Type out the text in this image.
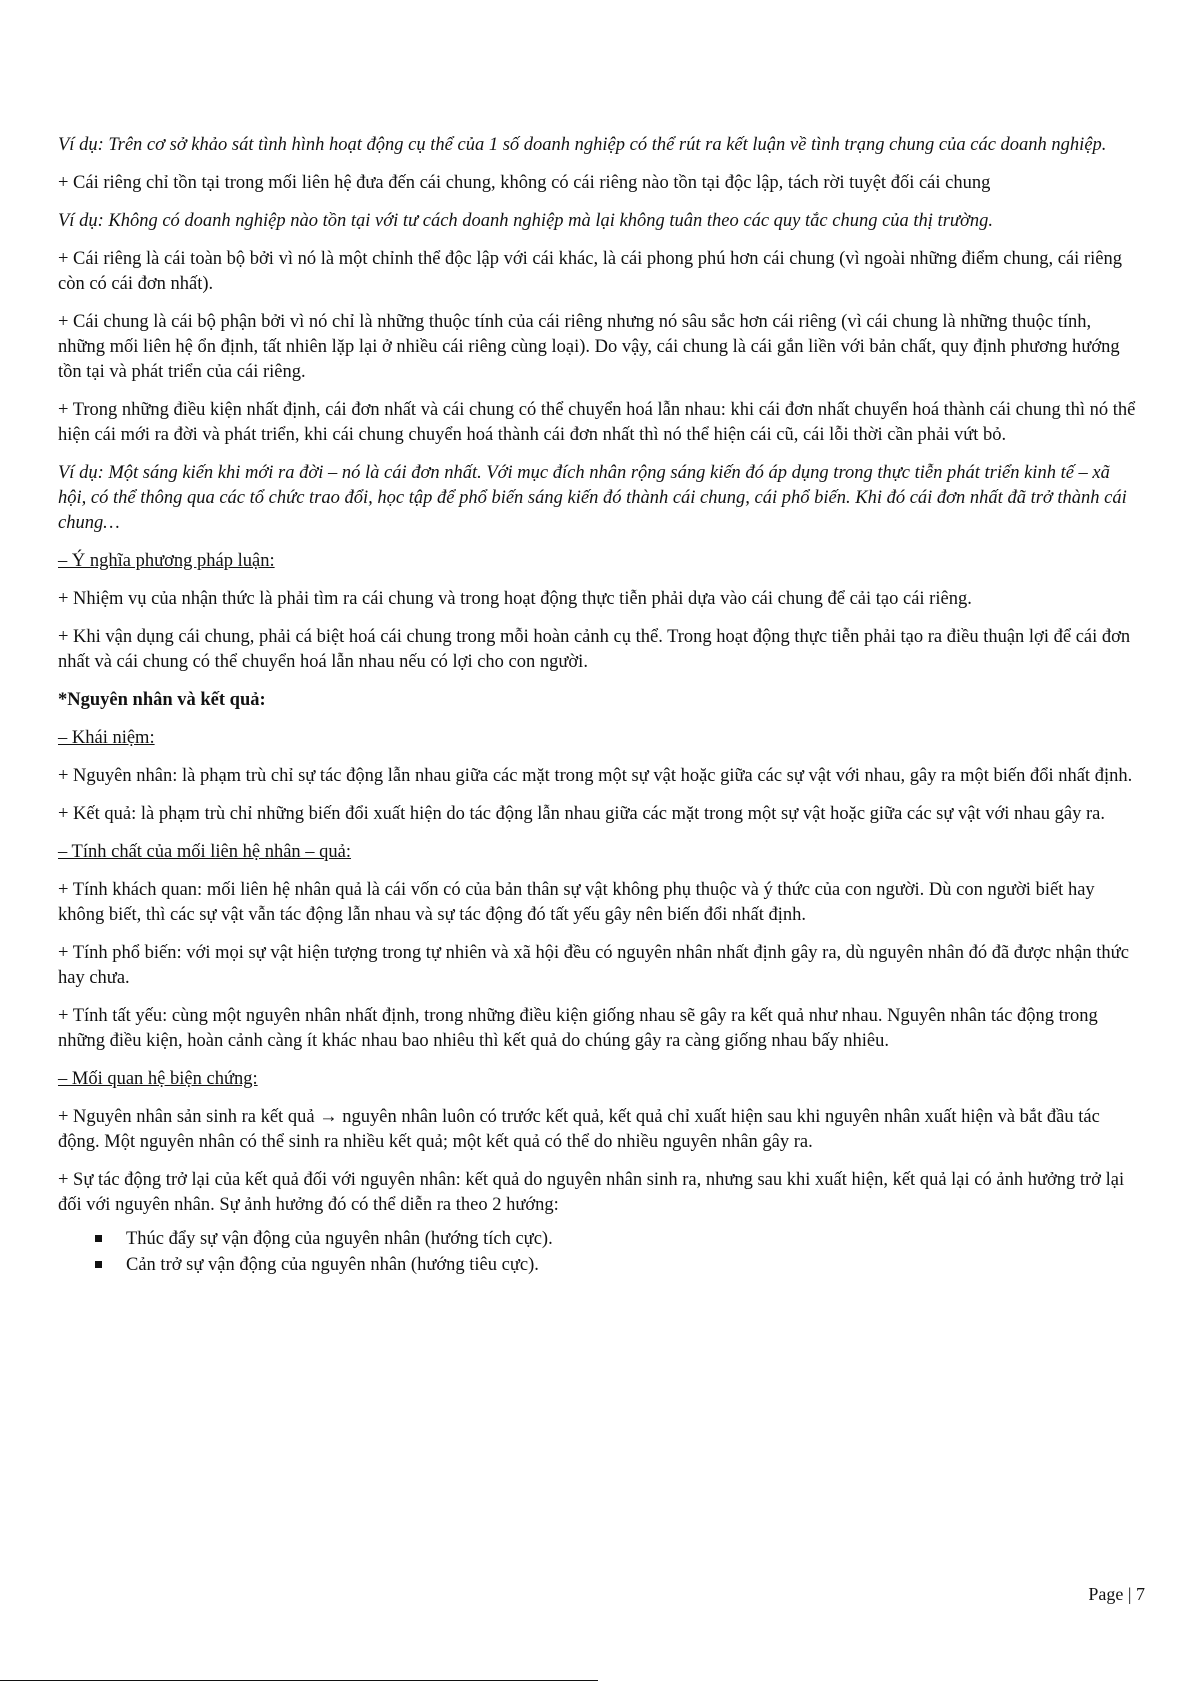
Ví dụ: Trên cơ sở khảo sát tình hình hoạt động cụ thể của 1 số doanh nghiệp có thể rút ra kết luận về tình trạng chung của các doanh nghiệp.

+ Cái riêng chỉ tồn tại trong mối liên hệ đưa đến cái chung, không có cái riêng nào tồn tại độc lập, tách rời tuyệt đối cái chung

Ví dụ: Không có doanh nghiệp nào tồn tại với tư cách doanh nghiệp mà lại không tuân theo các quy tắc chung của thị trường.

+ Cái riêng là cái toàn bộ bởi vì nó là một chỉnh thể độc lập với cái khác, là cái phong phú hơn cái chung (vì ngoài những điểm chung, cái riêng còn có cái đơn nhất).

+ Cái chung là cái bộ phận bởi vì nó chỉ là những thuộc tính của cái riêng nhưng nó sâu sắc hơn cái riêng (vì cái chung là những thuộc tính, những mối liên hệ ổn định, tất nhiên lặp lại ở nhiều cái riêng cùng loại). Do vậy, cái chung là cái gắn liền với bản chất, quy định phương hướng tồn tại và phát triển của cái riêng.

+ Trong những điều kiện nhất định, cái đơn nhất và cái chung có thể chuyển hoá lẫn nhau: khi cái đơn nhất chuyển hoá thành cái chung thì nó thể hiện cái mới ra đời và phát triển, khi cái chung chuyển hoá thành cái đơn nhất thì nó thể hiện cái cũ, cái lỗi thời cần phải vứt bỏ.

Ví dụ: Một sáng kiến khi mới ra đời – nó là cái đơn nhất. Với mục đích nhân rộng sáng kiến đó áp dụng trong thực tiễn phát triển kinh tế – xã hội, có thể thông qua các tổ chức trao đổi, học tập để phổ biến sáng kiến đó thành cái chung, cái phổ biến. Khi đó cái đơn nhất đã trở thành cái chung…

– Ý nghĩa phương pháp luận:

+ Nhiệm vụ của nhận thức là phải tìm ra cái chung và trong hoạt động thực tiễn phải dựa vào cái chung để cải tạo cái riêng.

+ Khi vận dụng cái chung, phải cá biệt hoá cái chung trong mỗi hoàn cảnh cụ thể. Trong hoạt động thực tiễn phải tạo ra điều thuận lợi để cái đơn nhất và cái chung có thể chuyển hoá lẫn nhau nếu có lợi cho con người.

*Nguyên nhân và kết quả:

– Khái niệm:

+ Nguyên nhân: là phạm trù chỉ sự tác động lẫn nhau giữa các mặt trong một sự vật hoặc giữa các sự vật với nhau, gây ra một biến đổi nhất định.

+ Kết quả: là phạm trù chỉ những biến đổi xuất hiện do tác động lẫn nhau giữa các mặt trong một sự vật hoặc giữa các sự vật với nhau gây ra.

– Tính chất của mối liên hệ nhân – quả:

+ Tính khách quan: mối liên hệ nhân quả là cái vốn có của bản thân sự vật không phụ thuộc và ý thức của con người. Dù con người biết hay không biết, thì các sự vật vẫn tác động lẫn nhau và sự tác động đó tất yếu gây nên biến đổi nhất định.

+ Tính phổ biến: với mọi sự vật hiện tượng trong tự nhiên và xã hội đều có nguyên nhân nhất định gây ra, dù nguyên nhân đó đã được nhận thức hay chưa.

+ Tính tất yếu: cùng một nguyên nhân nhất định, trong những điều kiện giống nhau sẽ gây ra kết quả như nhau. Nguyên nhân tác động trong những điều kiện, hoàn cảnh càng ít khác nhau bao nhiêu thì kết quả do chúng gây ra càng giống nhau bấy nhiêu.

– Mối quan hệ biện chứng:

+ Nguyên nhân sản sinh ra kết quả → nguyên nhân luôn có trước kết quả, kết quả chỉ xuất hiện sau khi nguyên nhân xuất hiện và bắt đầu tác động. Một nguyên nhân có thể sinh ra nhiều kết quả; một kết quả có thể do nhiều nguyên nhân gây ra.

+ Sự tác động trở lại của kết quả đối với nguyên nhân: kết quả do nguyên nhân sinh ra, nhưng sau khi xuất hiện, kết quả lại có ảnh hưởng trở lại đối với nguyên nhân. Sự ảnh hưởng đó có thể diễn ra theo 2 hướng:

Thúc đẩy sự vận động của nguyên nhân (hướng tích cực).
Cản trở sự vận động của nguyên nhân (hướng tiêu cực).
Page | 7
